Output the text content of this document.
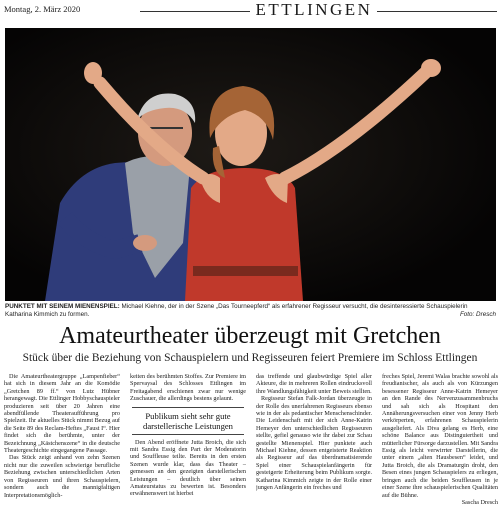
Montag, 2. März 2020	ETTLINGEN
PUNKTET MIT SEINEM MIENENSPIEL: Michael Kiehne, der in der Szene „Das Tourneepferd“ als erfahrener Regisseur versucht, die desinteressierte Schauspielerin Katharina Kimmich zu formen.	Foto: Dresch
Amateurtheater überzeugt mit Gretchen
Stück über die Beziehung von Schauspielern und Regisseuren feiert Premiere im Schloss Ettlingen

Die Amateurtheatergruppe „Lampenfieber“ hat sich in diesem Jahr an die Komödie „Gretchen 89 ff.“ von Lutz Hübner herangewagt. Die Ettlinger Hobbyschauspieler produzieren seit über 20 Jahren eine abendfüllende Theateraufführung pro Spielzeit. Ihr aktuelles Stück nimmt Bezug auf die Seite 89 des Reclam-Heftes „Faust I“. Hier findet sich die berühmte, unter der Bezeichnung „Kästchenszene“ in die deutsche Theatergeschichte eingegangene Passage.

Das Stück zeigt anhand von zehn Szenen nicht nur die zuweilen schwierige berufliche Beziehung zwischen unterschiedlichen Arten von Regisseuren und ihren Schauspielern, sondern auch die mannigfaltigen Interpretationsmöglich-

keiten des berühmten Stoffes. Zur Premiere im Spervaysal des Schlosses Ettlingen im Freitagabend erschienen zwar nur wenige Zuschauer, die allerdings bestens gelaunt.

Publikum sieht sehr gute darstellerische Leistungen

Den Abend eröffnete Jutta Broich, die sich mit Sandra Essig den Part der Moderatorin und Souffleuse teilte. Bereits in den ersten Szenen wurde klar, dass das Theater – gemessen an den gezeigten darstellerischen Leistungen – deutlich über seinen Amateurstatus zu bewerten ist. Besonders erwähnenswert ist hierbei

das treffende und glaubwürdige Spiel aller Akteure, die in mehreren Rollen eindrucksvoll ihre Wandlungsfähigkeit unter Beweis stellten.

Regisseur Stefan Falk-Jordan überzeugte in der Rolle des unerfahrenen Regisseurs ebenso wie in der als pedantischer Menschenschinder. Die Leidenschaft mit der sich Anne-Katrin Hemeyer den unterschiedlichen Regisseuren stellte, gefiel genauso wie ihr dabei zur Schau gestellte Mienenspiel. Hier punktete auch Michael Kiehne, dessen entgeisterte Reaktion als Regisseur auf das überdramatisierende Spiel einer Schauspielanfängerin für gesteigerte Erheiterung beim Publikum sorgte. Katharina Kimmich zeigte in der Rolle einer jungen Anfängerin ein freches und

freches Spiel, Jeremi Walas brachte sowohl als freudianischer, als auch als von Kürzungen besessener Regisseur Anne-Katrin Hemeyer an den Rande des Nervenzusammenbruchs und sah sich als Hospitant den Annäherungsversuchen einer von Jenny Herb verkörperten, erfahrenen Schauspielerin ausgeliefert. Als Diva gelang es Herb, eine schöne Balance aus Distinguiertheit und mütterlicher Fürsorge darzustellen. Mit Sandra Essig als leicht verwirrter Darstellerin, die unter einem „alten Hausbesen“ leidet, und Jutta Broich, die als Dramaturgin droht, den Besen eines jungen Schauspielers zu erliegen, bringen auch die beiden Souffleusen in je einer Szene ihre schauspielerischen Qualitäten auf die Bühne.

Sascha Dresch
